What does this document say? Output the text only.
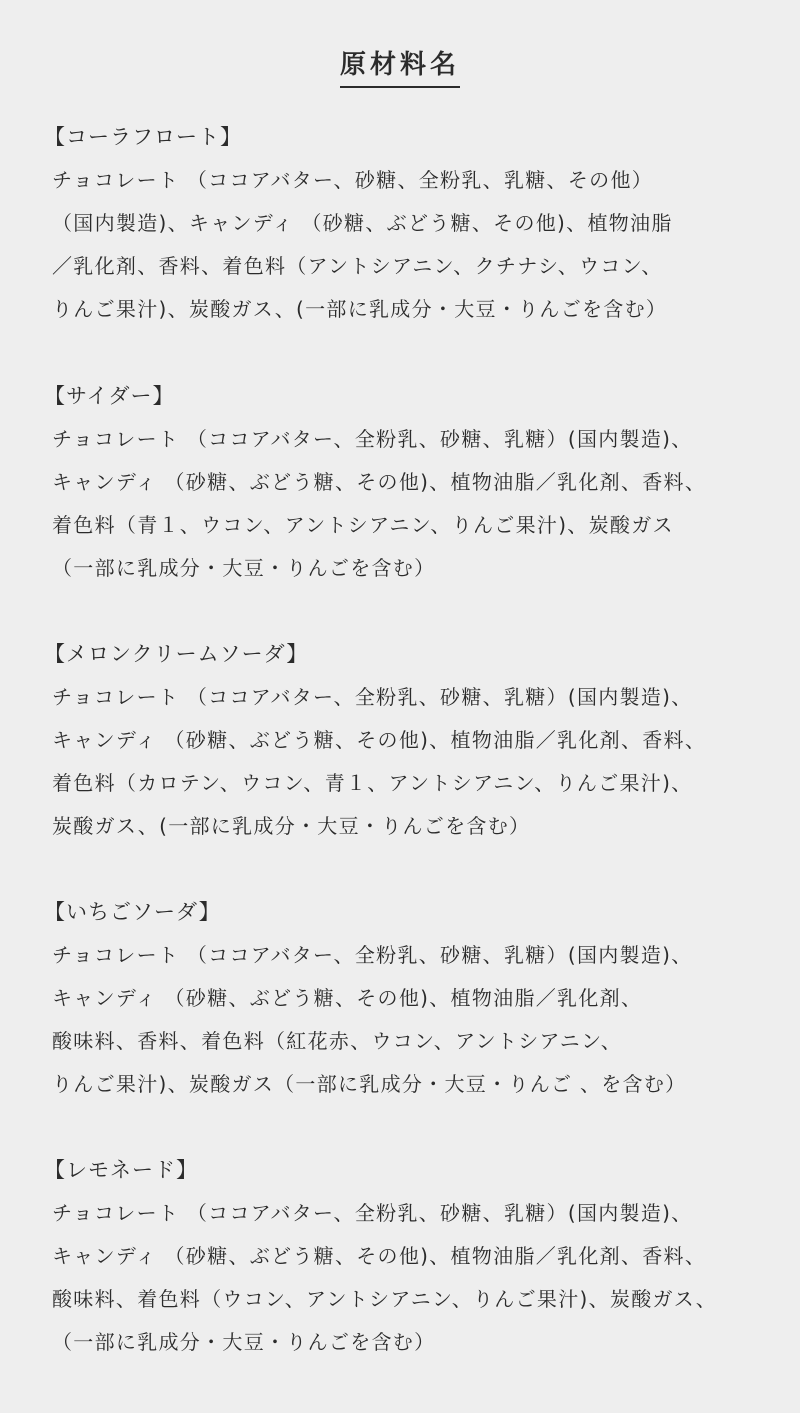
原材料名
【コーラフロート】
チョコレート （ココアバター、砂糖、全粉乳、乳糖、その他）
（国内製造)、キャンディ （砂糖、ぶどう糖、その他)、植物油脂
／乳化剤、香料、着色料（アントシアニン、クチナシ、ウコン、
りんご果汁)、炭酸ガス、(一部に乳成分・大豆・りんごを含む）
【サイダー】
チョコレート （ココアバター、全粉乳、砂糖、乳糖）(国内製造)、
キャンディ （砂糖、ぶどう糖、その他)、植物油脂／乳化剤、香料、
着色料（青１、ウコン、アントシアニン、りんご果汁)、炭酸ガス
（一部に乳成分・大豆・りんごを含む）
【メロンクリームソーダ】
チョコレート （ココアバター、全粉乳、砂糖、乳糖）(国内製造)、
キャンディ （砂糖、ぶどう糖、その他)、植物油脂／乳化剤、香料、
着色料（カロテン、ウコン、青１、アントシアニン、りんご果汁)、
炭酸ガス、(一部に乳成分・大豆・りんごを含む）
【いちごソーダ】
チョコレート （ココアバター、全粉乳、砂糖、乳糖）(国内製造)、
キャンディ （砂糖、ぶどう糖、その他)、植物油脂／乳化剤、
酸味料、香料、着色料（紅花赤、ウコン、アントシアニン、
りんご果汁)、炭酸ガス（一部に乳成分・大豆・りんご 、を含む）
【レモネード】
チョコレート （ココアバター、全粉乳、砂糖、乳糖）(国内製造)、
キャンディ （砂糖、ぶどう糖、その他)、植物油脂／乳化剤、香料、
酸味料、着色料（ウコン、アントシアニン、りんご果汁)、炭酸ガス、
（一部に乳成分・大豆・りんごを含む）
